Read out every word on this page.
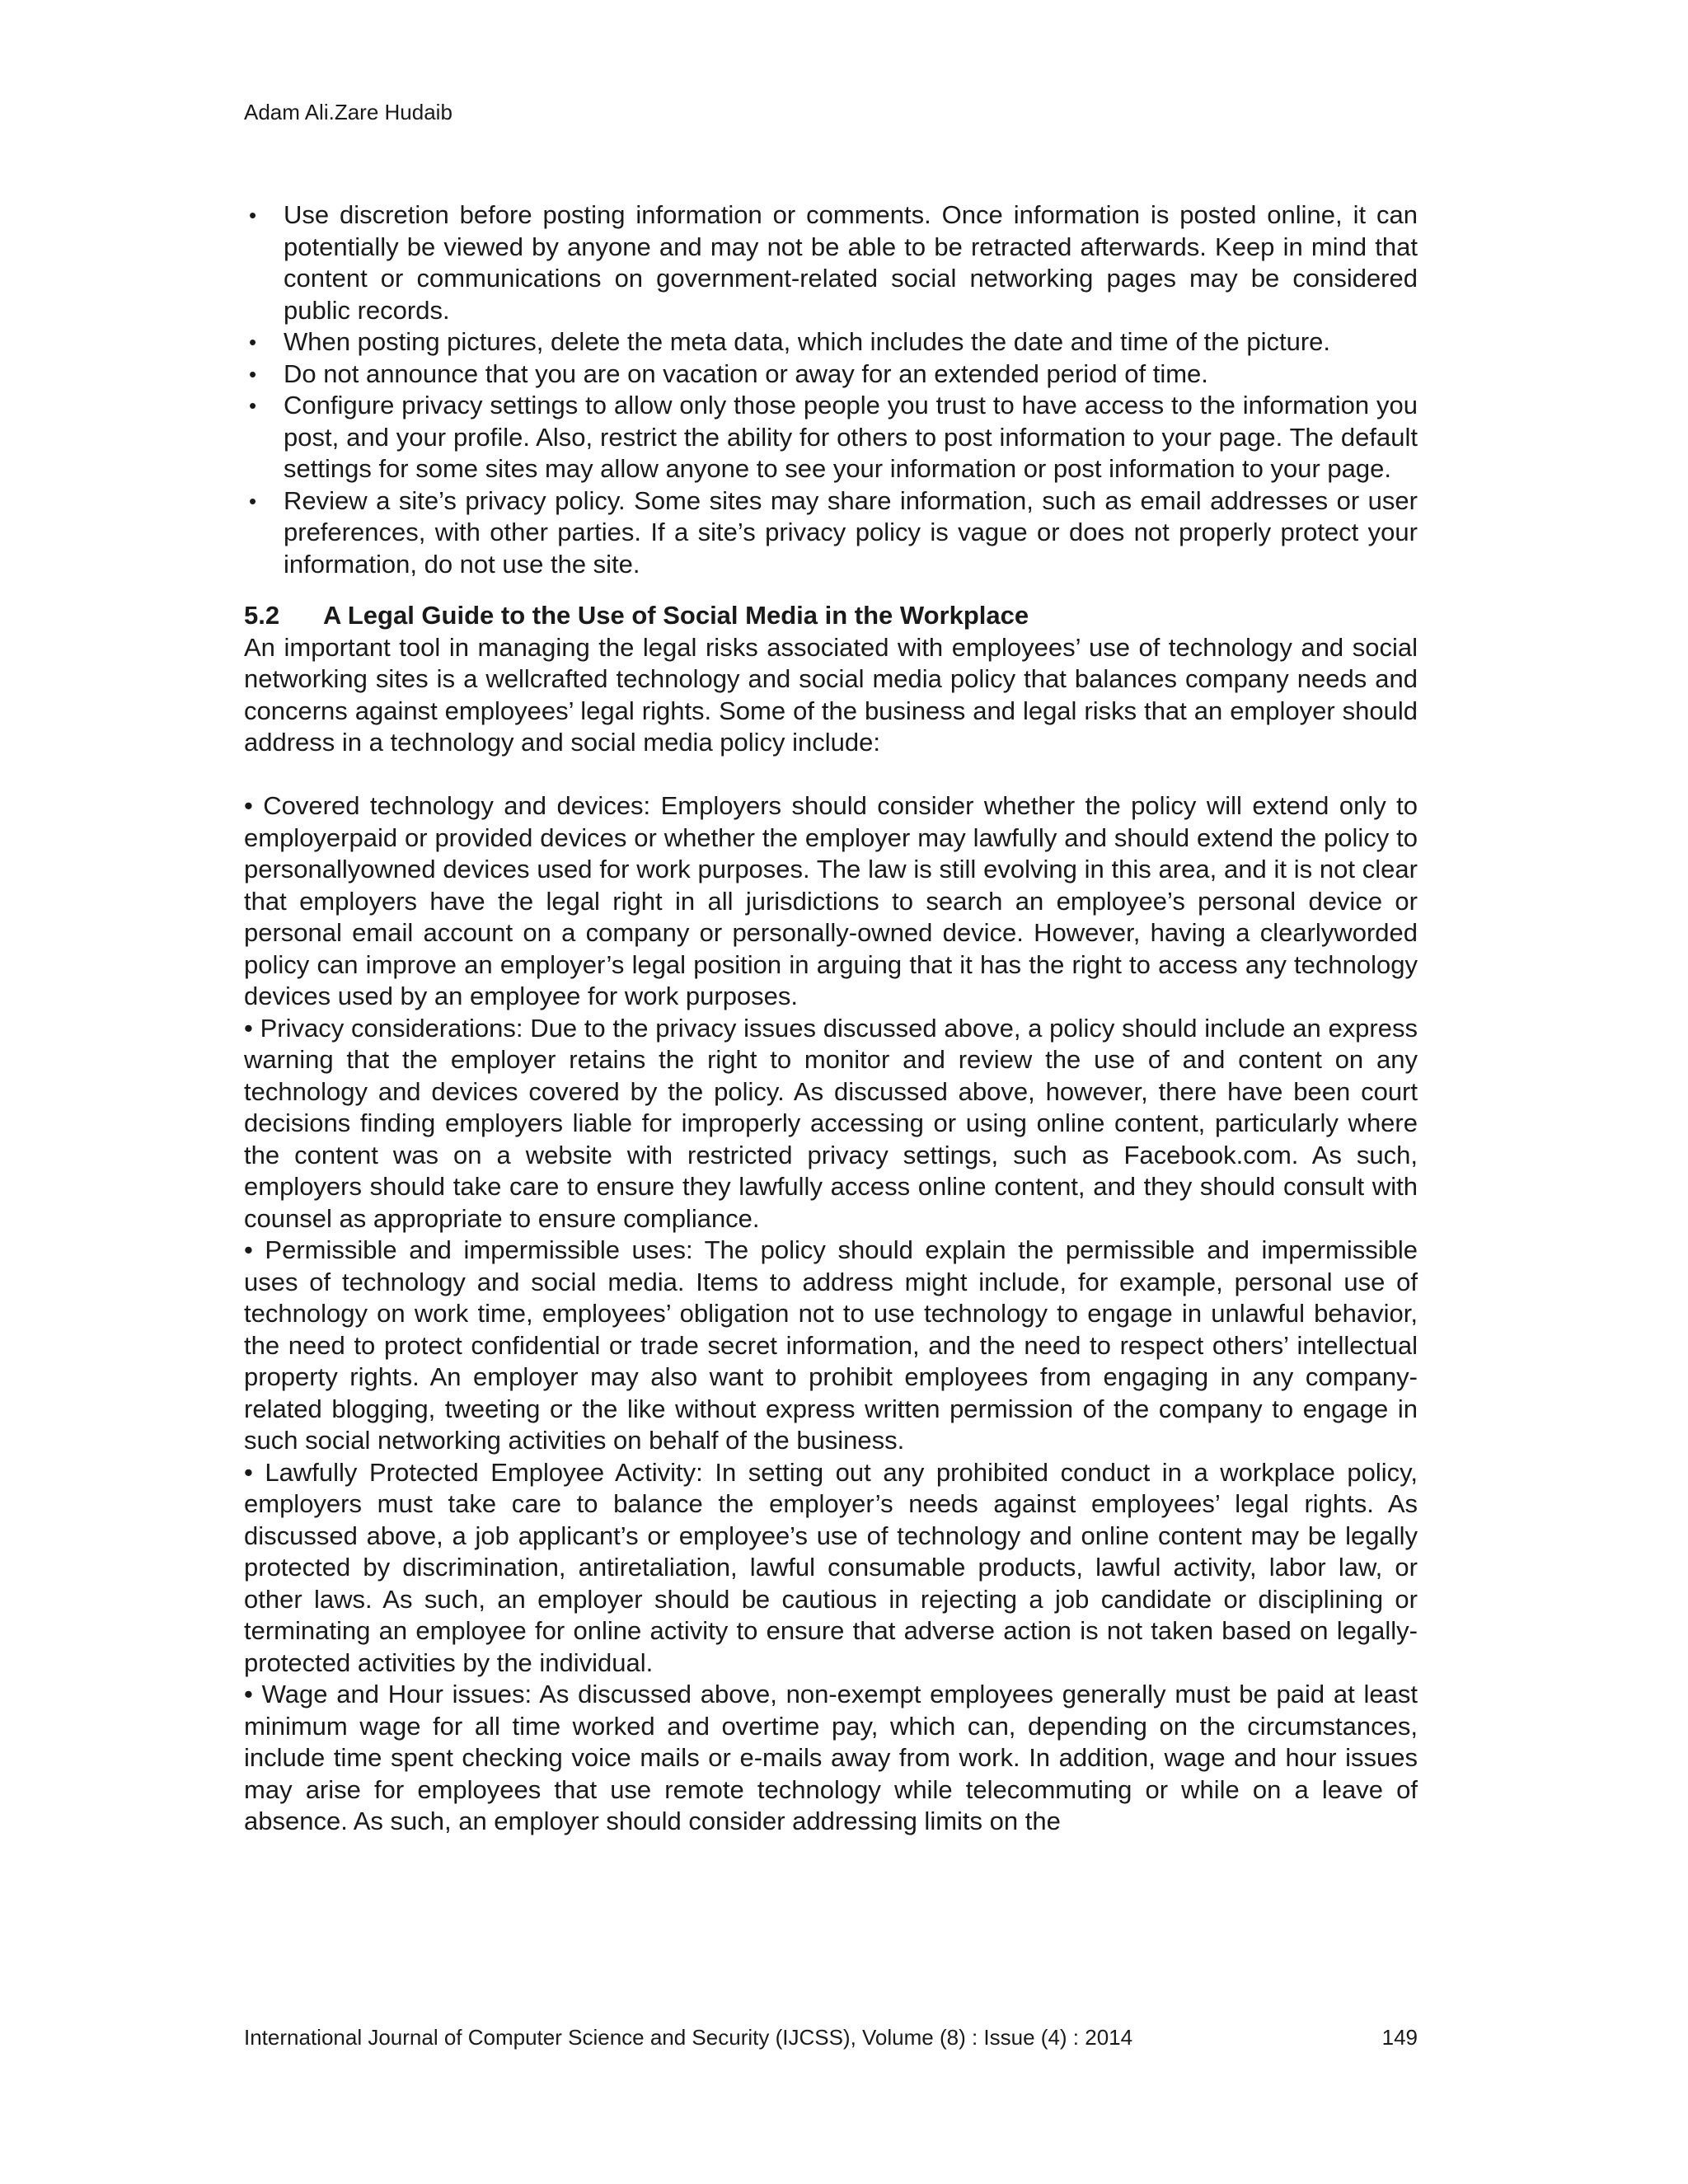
Adam Ali.Zare Hudaib
• Use discretion before posting information or comments. Once information is posted online, it can potentially be viewed by anyone and may not be able to be retracted afterwards. Keep in mind that content or communications on government-related social networking pages may be considered public records.
• When posting pictures, delete the meta data, which includes the date and time of the picture.
• Do not announce that you are on vacation or away for an extended period of time.
• Configure privacy settings to allow only those people you trust to have access to the information you post, and your profile. Also, restrict the ability for others to post information to your page. The default settings for some sites may allow anyone to see your information or post information to your page.
• Review a site’s privacy policy. Some sites may share information, such as email addresses or user preferences, with other parties. If a site’s privacy policy is vague or does not properly protect your information, do not use the site.
5.2 A Legal Guide to the Use of Social Media in the Workplace

An important tool in managing the legal risks associated with employees’ use of technology and social networking sites is a wellcrafted technology and social media policy that balances company needs and concerns against employees’ legal rights. Some of the business and legal risks that an employer should address in a technology and social media policy include:

• Covered technology and devices: Employers should consider whether the policy will extend only to employerpaid or provided devices or whether the employer may lawfully and should extend the policy to personallyowned devices used for work purposes. The law is still evolving in this area, and it is not clear that employers have the legal right in all jurisdictions to search an employee’s personal device or personal email account on a company or personally-owned device. However, having a clearlyworded policy can improve an employer’s legal position in arguing that it has the right to access any technology devices used by an employee for work purposes.

• Privacy considerations: Due to the privacy issues discussed above, a policy should include an express warning that the employer retains the right to monitor and review the use of and content on any technology and devices covered by the policy. As discussed above, however, there have been court decisions finding employers liable for improperly accessing or using online content, particularly where the content was on a website with restricted privacy settings, such as Facebook.com. As such, employers should take care to ensure they lawfully access online content, and they should consult with counsel as appropriate to ensure compliance.

• Permissible and impermissible uses: The policy should explain the permissible and impermissible uses of technology and social media. Items to address might include, for example, personal use of technology on work time, employees’ obligation not to use technology to engage in unlawful behavior, the need to protect confidential or trade secret information, and the need to respect others’ intellectual property rights. An employer may also want to prohibit employees from engaging in any company-related blogging, tweeting or the like without express written permission of the company to engage in such social networking activities on behalf of the business.

• Lawfully Protected Employee Activity: In setting out any prohibited conduct in a workplace policy, employers must take care to balance the employer’s needs against employees’ legal rights. As discussed above, a job applicant’s or employee’s use of technology and online content may be legally protected by discrimination, antiretaliation, lawful consumable products, lawful activity, labor law, or other laws. As such, an employer should be cautious in rejecting a job candidate or disciplining or terminating an employee for online activity to ensure that adverse action is not taken based on legally-protected activities by the individual.

• Wage and Hour issues: As discussed above, non-exempt employees generally must be paid at least minimum wage for all time worked and overtime pay, which can, depending on the circumstances, include time spent checking voice mails or e-mails away from work. In addition, wage and hour issues may arise for employees that use remote technology while telecommuting or while on a leave of absence. As such, an employer should consider addressing limits on the

International Journal of Computer Science and Security (IJCSS), Volume (8) : Issue (4) : 2014	149
